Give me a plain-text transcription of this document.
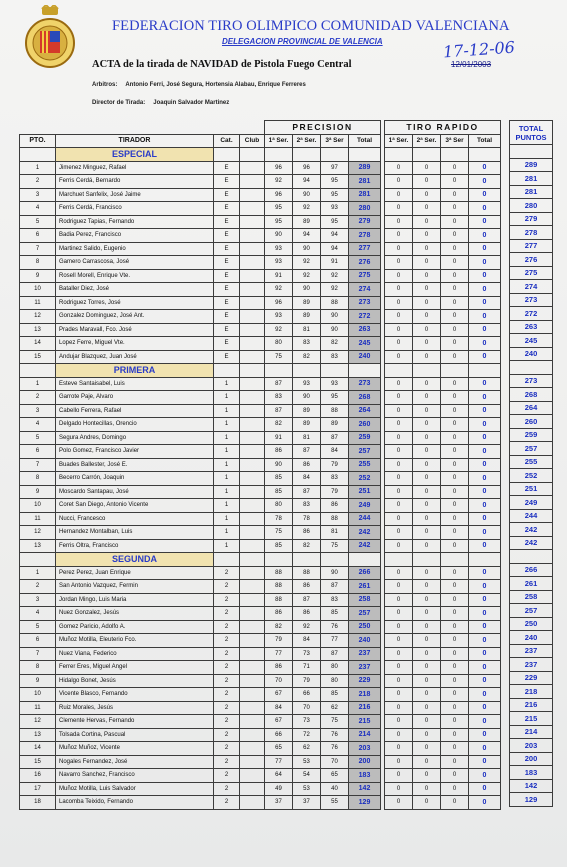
FEDERACION TIRO OLIMPICO COMUNIDAD VALENCIANA
DELEGACION PROVINCIAL DE VALENCIA	17-12-06
12/01/2003
ACTA de la tirada de NAVIDAD de Pistola Fuego Central
Arbitros: Antonio Ferri, José Segura, Hortensia Alabau, Enrique Ferreres
Director de Tirada: Joaquin Salvador Martinez
				PRECISION					TIRO RAPIDO			
PTO.	TIRADOR	Cat.	Club	1ª Ser.	2ª Ser.	3ª Ser	Total		1ª Ser.	2ª Ser.	3ª Ser	Total
	ESPECIAL											
1	Jimenez Minguez, Rafael	E		96	96	97	289		0	0	0	0
2	Ferris Cerdá, Bernardo	E		92	94	95	281		0	0	0	0
3	Marchuet Sanfelix, José Jaime	E		96	90	95	281		0	0	0	0
4	Ferris Cerdá, Francisco	E		95	92	93	280		0	0	0	0
5	Rodriguez Tapias, Fernando	E		95	89	95	279		0	0	0	0
6	Badia Perez, Francisco	E		90	94	94	278		0	0	0	0
7	Martinez Salido, Eugenio	E		93	90	94	277		0	0	0	0
8	Gamero Carrascosa, José	E		93	92	91	276		0	0	0	0
9	Rosell Morell, Enrique Vte.	E		91	92	92	275		0	0	0	0
10	Bataller Diez, José	E		92	90	92	274		0	0	0	0
11	Rodriguez Torres, José	E		96	89	88	273		0	0	0	0
12	Gonzalez Dominguez, José Ant.	E		93	89	90	272		0	0	0	0
13	Prades Maravall, Fco. José	E		92	81	90	263		0	0	0	0
14	Lopez Ferre, Miguel Vte.	E		80	83	82	245		0	0	0	0
15	Andujar Blazquez, Juan José	E		75	82	83	240		0	0	0	0
	PRIMERA											
1	Esteve Santaisabel, Luis	1		87	93	93	273		0	0	0	0
2	Garrote Paje, Alvaro	1		83	90	95	268		0	0	0	0
3	Cabello Ferrera, Rafael	1		87	89	88	264		0	0	0	0
4	Delgado Hontecillas, Orencio	1		82	89	89	260		0	0	0	0
5	Segura Andres, Domingo	1		91	81	87	259		0	0	0	0
6	Polo Gomez, Francisco Javier	1		86	87	84	257		0	0	0	0
7	Buades Ballester, José E.	1		90	86	79	255		0	0	0	0
8	Becerro Carrón, Joaquin	1		85	84	83	252		0	0	0	0
9	Moscardo Santapau, José	1		85	87	79	251		0	0	0	0
10	Coret San Diego, Antonio Vicente	1		80	83	86	249		0	0	0	0
11	Nucci, Francesco	1		78	78	88	244		0	0	0	0
12	Hernandez Montalban, Luis	1		75	86	81	242		0	0	0	0
13	Ferris Oltra, Francisco	1		85	82	75	242		0	0	0	0
	SEGUNDA											
1	Perez Perez, Juan Enrique	2		88	88	90	266		0	0	0	0
2	San Antonio Vazquez, Fermin	2		88	86	87	261		0	0	0	0
3	Jordan Mingo, Luis Maria	2		88	87	83	258		0	0	0	0
4	Nuez Gonzalez, Jesús	2		86	86	85	257		0	0	0	0
5	Gomez Paricio, Adolfo A.	2		82	92	76	250		0	0	0	0
6	Muñoz Motilla, Eleuterio Fco.	2		79	84	77	240		0	0	0	0
7	Nuez Viana, Federico	2		77	73	87	237		0	0	0	0
8	Ferrer Eres, Miguel Angel	2		86	71	80	237		0	0	0	0
9	Hidalgo Bonet, Jesús	2		70	79	80	229		0	0	0	0
10	Vicente Blasco, Fernando	2		67	66	85	218		0	0	0	0
11	Ruiz Morales, Jesús	2		84	70	62	216		0	0	0	0
12	Clemente Hervas, Fernando	2		67	73	75	215		0	0	0	0
13	Tolsada Cortina, Pascual	2		66	72	76	214		0	0	0	0
14	Muñoz Muñoz, Vicente	2		65	62	76	203		0	0	0	0
15	Nogales Fernandez, José	2		77	53	70	200		0	0	0	0
16	Navarro Sanchez, Francisco	2		64	54	65	183		0	0	0	0
17	Muñoz Motilla, Luis Salvador	2		49	53	40	142		0	0	0	0
18	Lacomba Teixido, Fernando	2		37	37	55	129		0	0	0	0
TOTAL
PUNTOS

289
281
281
280
279
278
277
276
275
274
273
272
263
245
240

273
268
264
260
259
257
255
252
251
249
244
242
242

266
261
258
257
250
240
237
237
229
218
216
215
214
203
200
183
142
129
